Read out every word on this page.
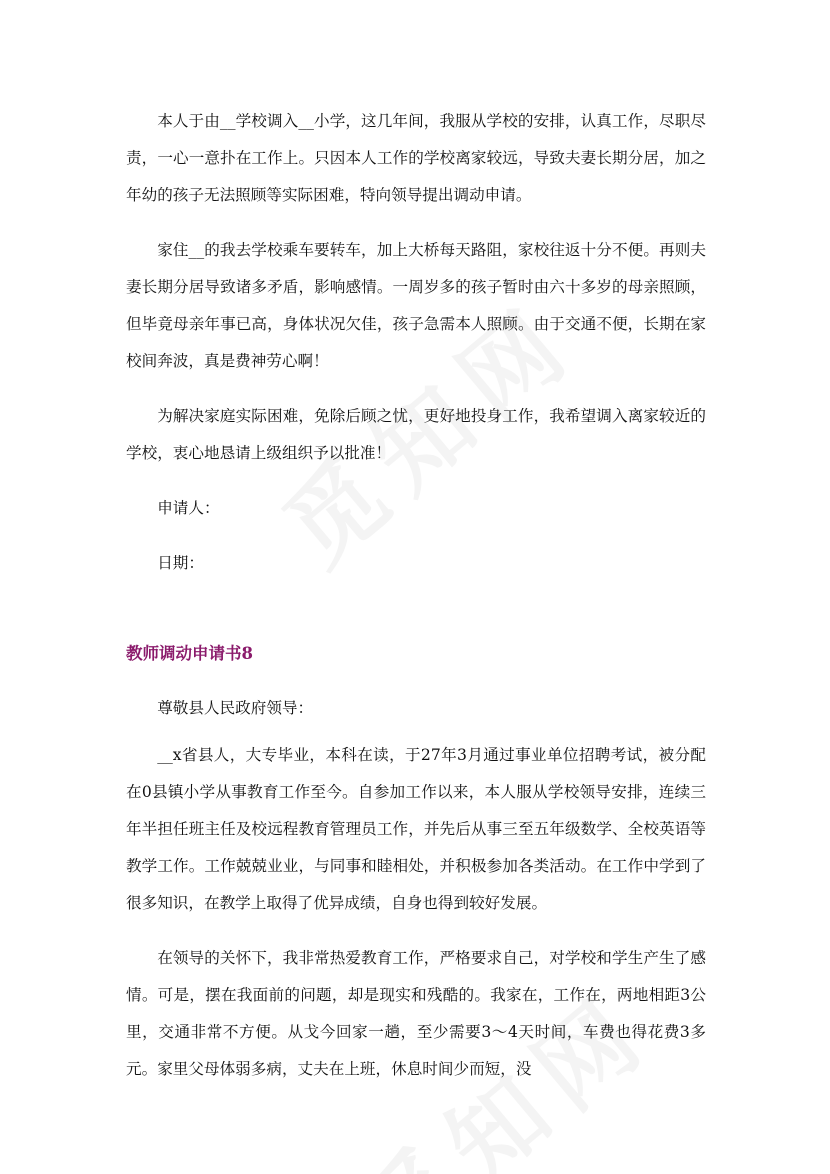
本人于由__学校调入__小学，这几年间，我服从学校的安排，认真工作，尽职尽责，一心一意扑在工作上。只因本人工作的学校离家较远，导致夫妻长期分居，加之年幼的孩子无法照顾等实际困难，特向领导提出调动申请。

家住__的我去学校乘车要转车，加上大桥每天路阻，家校往返十分不便。再则夫妻长期分居导致诸多矛盾，影响感情。一周岁多的孩子暂时由六十多岁的母亲照顾，但毕竟母亲年事已高，身体状况欠佳，孩子急需本人照顾。由于交通不便，长期在家校间奔波，真是费神劳心啊！

为解决家庭实际困难，免除后顾之忧，更好地投身工作，我希望调入离家较近的学校，衷心地恳请上级组织予以批准！

申请人：

日期：

教师调动申请书8

尊敬县人民政府领导：

__x省县人，大专毕业，本科在读，于27年3月通过事业单位招聘考试，被分配在0县镇小学从事教育工作至今。自参加工作以来，本人服从学校领导安排，连续三年半担任班主任及校远程教育管理员工作，并先后从事三至五年级数学、全校英语等教学工作。工作兢兢业业，与同事和睦相处，并积极参加各类活动。在工作中学到了很多知识，在教学上取得了优异成绩，自身也得到较好发展。

在领导的关怀下，我非常热爱教育工作，严格要求自己，对学校和学生产生了感情。可是，摆在我面前的问题，却是现实和残酷的。我家在，工作在，两地相距3公里，交通非常不方便。从戈今回家一趟，至少需要3～4天时间，车费也得花费3多元。家里父母体弱多病，丈夫在上班，休息时间少而短，没
